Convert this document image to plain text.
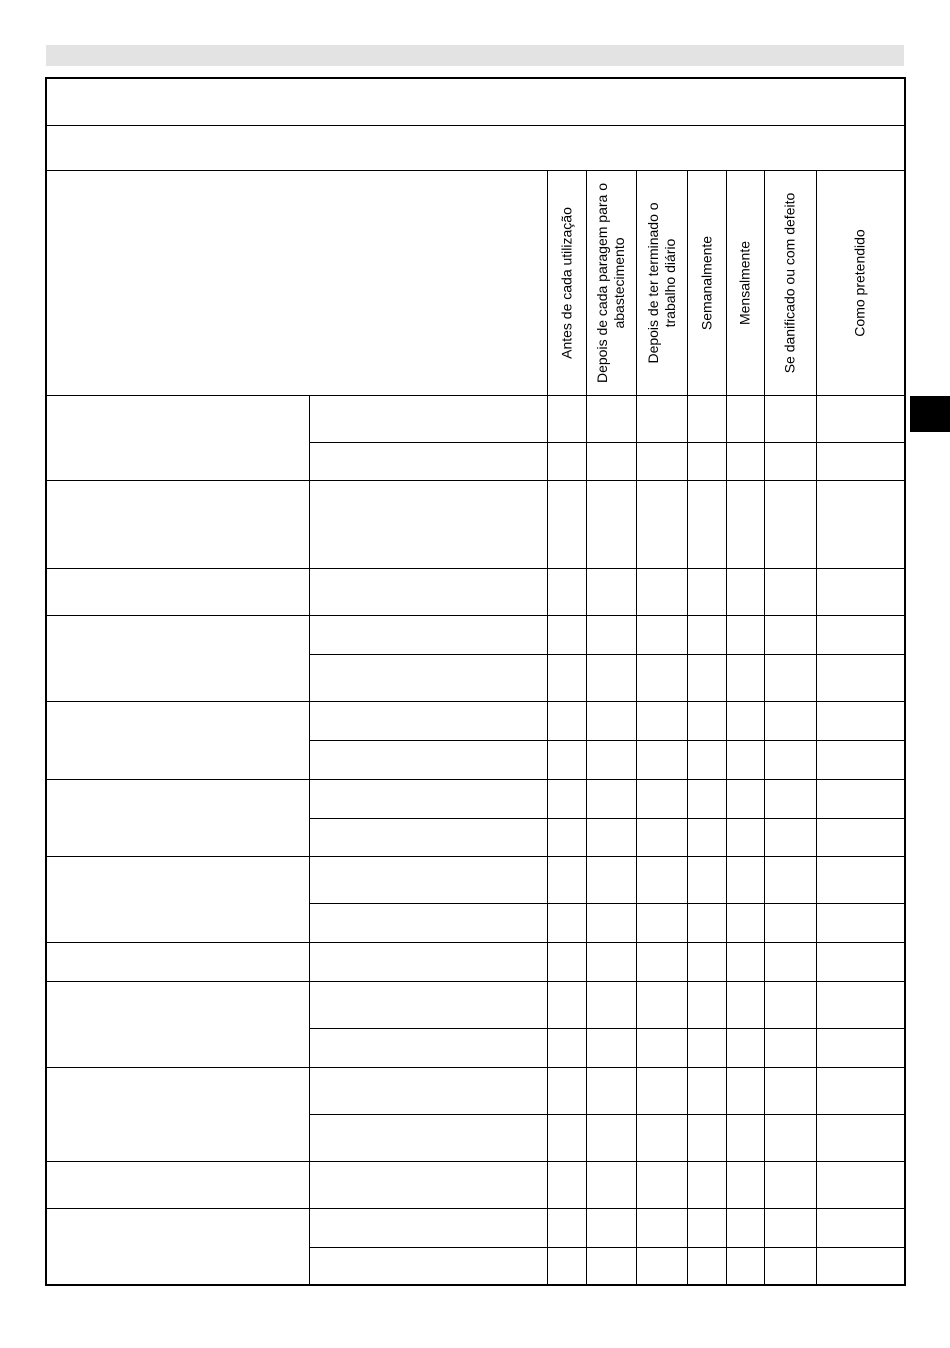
		Antes de cada utilização	Depois de cada paragem para o abastecimento	Depois de ter terminado o trabalho diário	Semanalmente	Mensalmente	Se danificado ou com defeito	Como pretendido
